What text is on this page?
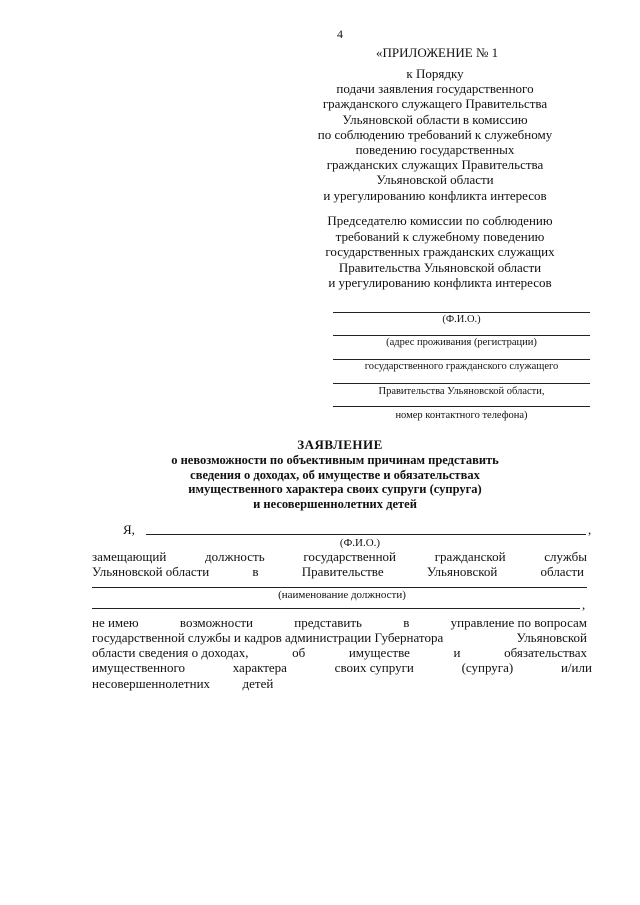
4
«ПРИЛОЖЕНИЕ № 1
к Порядку
подачи заявления государственного
гражданского служащего Правительства
Ульяновской области в комиссию
по соблюдению требований к служебному
поведению государственных
гражданских служащих Правительства
Ульяновской области
и урегулированию конфликта интересов
Председателю комиссии по соблюдению
требований к служебному поведению
государственных гражданских служащих
Правительства Ульяновской области
и урегулированию конфликта интересов
(Ф.И.О.)
(адрес проживания (регистрации)
государственного гражданского служащего
Правительства Ульяновской области,
номер контактного телефона)
ЗАЯВЛЕНИЕ
о невозможности по объективным причинам представить
сведения о доходах, об имуществе и обязательствах
имущественного характера своих супруги (супруга)
и несовершеннолетних детей
Я,	,
(Ф.И.О.)
замещающий	должность	государственной	гражданской	службы
Ульяновской области	в	Правительстве	Ульяновской	области
(наименование должности)
,
не имею	возможности	представить	в	управление по вопросам
государственной службы и кадров администрации Губернатора	Ульяновской
области сведения о доходах,	об	имуществе	и	обязательствах
имущественного	характера	своих супруги	(супруга)	и/или
несовершеннолетних	детей
